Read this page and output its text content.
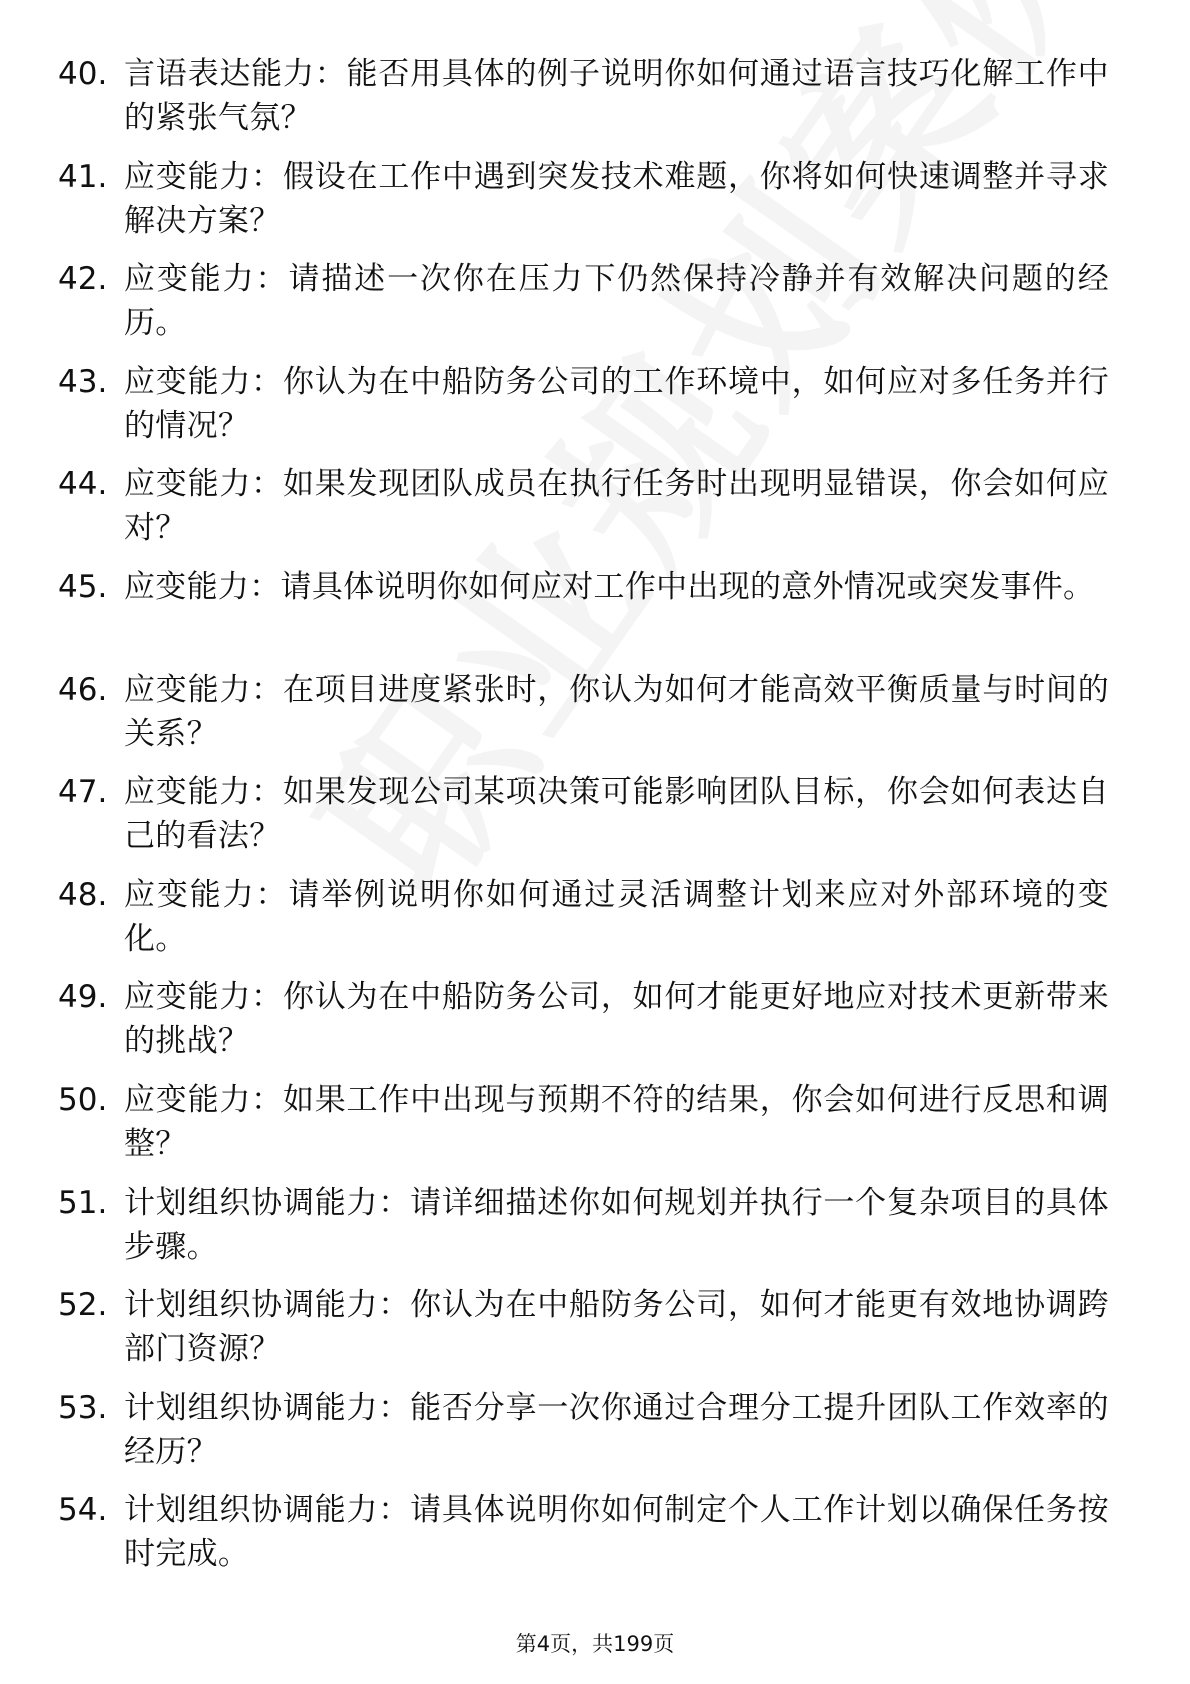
40. 言语表达能力：能否用具体的例子说明你如何通过语言技巧化解工作中的紧张气氛？
41. 应变能力：假设在工作中遇到突发技术难题，你将如何快速调整并寻求解决方案？
42. 应变能力：请描述一次你在压力下仍然保持冷静并有效解决问题的经历。
43. 应变能力：你认为在中船防务公司的工作环境中，如何应对多任务并行的情况？
44. 应变能力：如果发现团队成员在执行任务时出现明显错误，你会如何应对？
45. 应变能力：请具体说明你如何应对工作中出现的意外情况或突发事件。
46. 应变能力：在项目进度紧张时，你认为如何才能高效平衡质量与时间的关系？
47. 应变能力：如果发现公司某项决策可能影响团队目标，你会如何表达自己的看法？
48. 应变能力：请举例说明你如何通过灵活调整计划来应对外部环境的变化。
49. 应变能力：你认为在中船防务公司，如何才能更好地应对技术更新带来的挑战？
50. 应变能力：如果工作中出现与预期不符的结果，你会如何进行反思和调整？
51. 计划组织协调能力：请详细描述你如何规划并执行一个复杂项目的具体步骤。
52. 计划组织协调能力：你认为在中船防务公司，如何才能更有效地协调跨部门资源？
53. 计划组织协调能力：能否分享一次你通过合理分工提升团队工作效率的经历？
54. 计划组织协调能力：请具体说明你如何制定个人工作计划以确保任务按时完成。
第4页，共199页
